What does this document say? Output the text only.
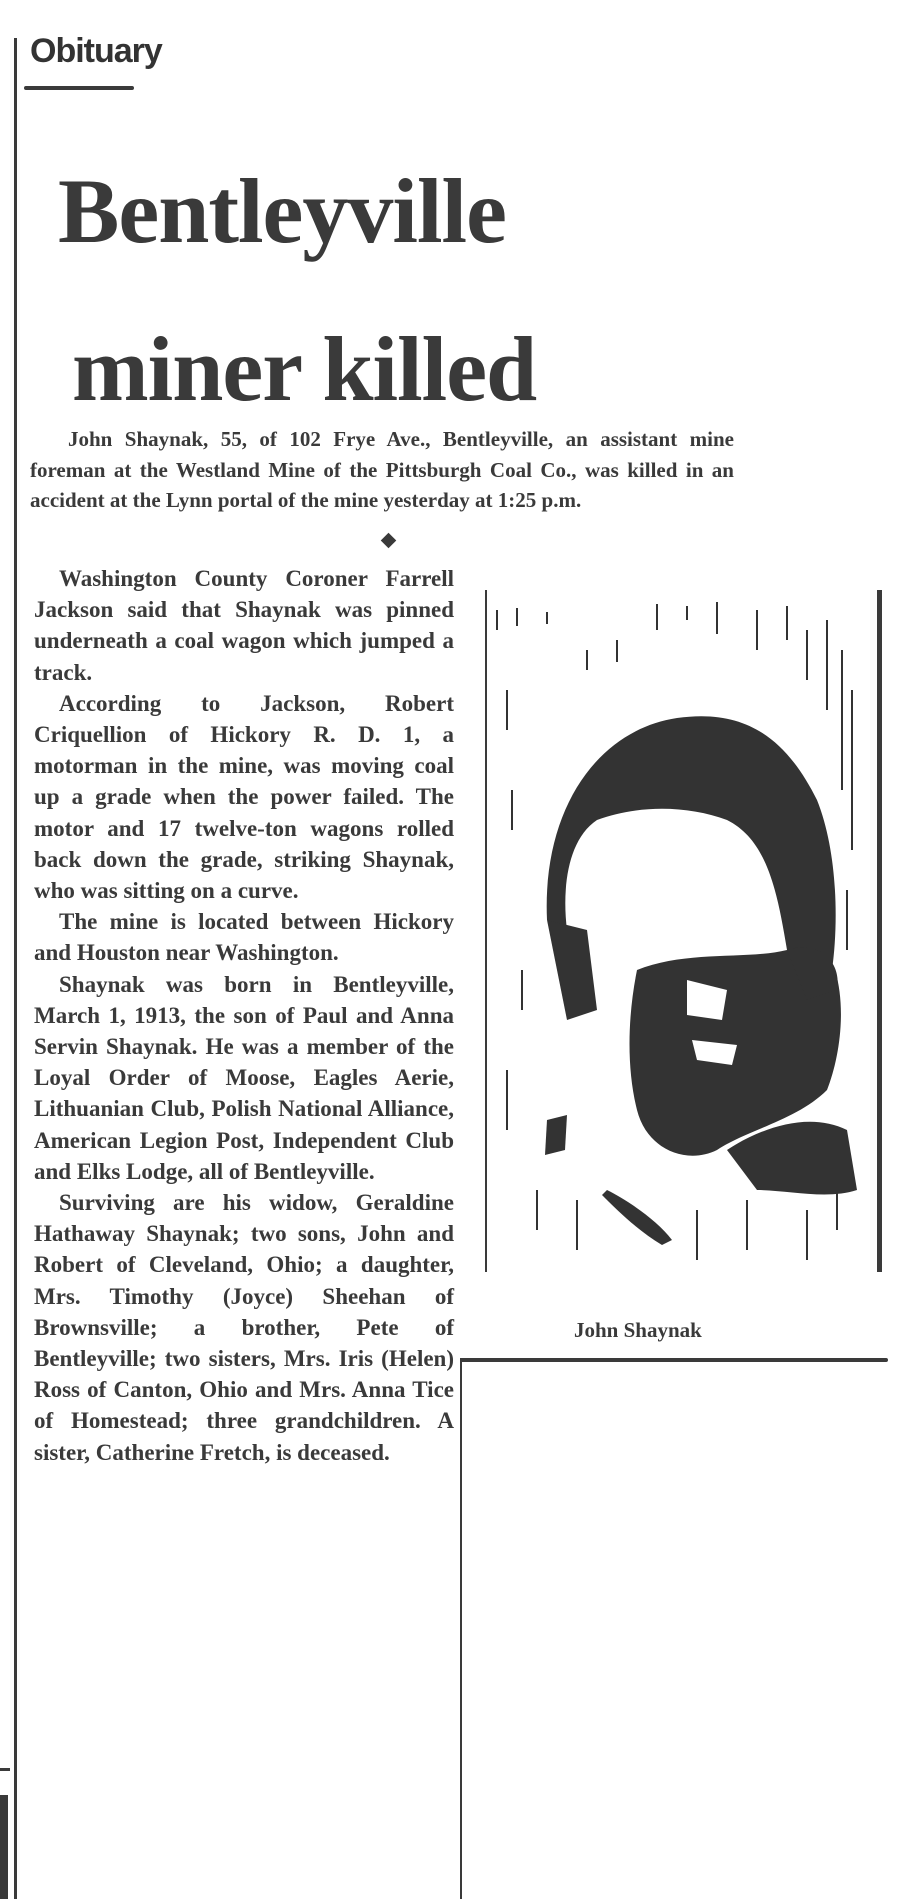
Obituary
Bentleyville
miner killed

John Shaynak, 55, of 102 Frye Ave., Bentleyville, an assistant mine foreman at the Westland Mine of the Pittsburgh Coal Co., was killed in an accident at the Lynn portal of the mine yesterday at 1:25 p.m.

Washington County Coroner Farrell Jackson said that Shaynak was pinned underneath a coal wagon which jumped a track.

According to Jackson, Robert Criquellion of Hickory R. D. 1, a motorman in the mine, was moving coal up a grade when the power failed. The motor and 17 twelve-ton wagons rolled back down the grade, striking Shaynak, who was sitting on a curve.

The mine is located between Hickory and Houston near Washington.

Shaynak was born in Bentleyville, March 1, 1913, the son of Paul and Anna Servin Shaynak. He was a member of the Loyal Order of Moose, Eagles Aerie, Lithuanian Club, Polish National Alliance, American Legion Post, Independent Club and Elks Lodge, all of Bentleyville.

Surviving are his widow, Geraldine Hathaway Shaynak; two sons, John and Robert of Cleveland, Ohio; a daughter, Mrs. Timothy (Joyce) Sheehan of Brownsville; a brother, Pete of Bentleyville; two sisters, Mrs. Iris (Helen) Ross of Canton, Ohio and Mrs. Anna Tice of Homestead; three grandchildren. A sister, Catherine Fretch, is deceased.

John Shaynak
